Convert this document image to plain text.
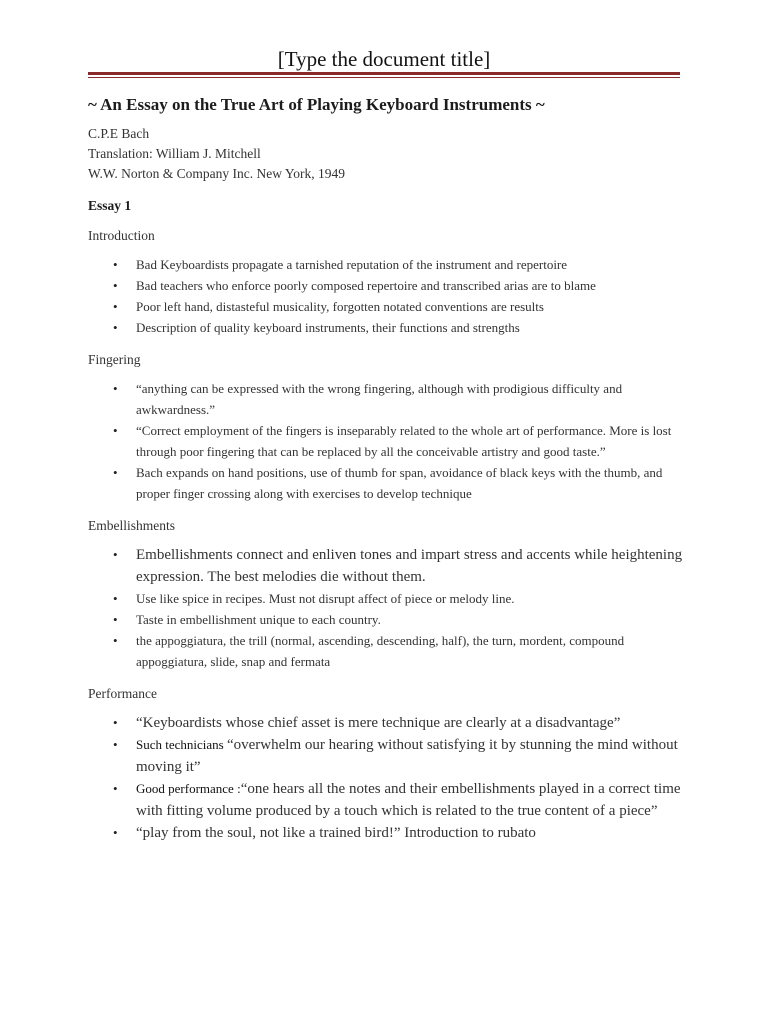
[Type the document title]
~ An Essay on the True Art of Playing Keyboard Instruments ~
C.P.E Bach
Translation: William J. Mitchell
W.W. Norton & Company Inc. New York, 1949
Essay 1
Introduction
• Bad Keyboardists propagate a tarnished reputation of the instrument and repertoire
• Bad teachers who enforce poorly composed repertoire and transcribed arias are to blame
• Poor left hand, distasteful musicality, forgotten notated conventions are results
• Description of quality keyboard instruments, their functions and strengths
Fingering
• “anything can be expressed with the wrong fingering, although with prodigious difficulty and awkwardness.”
• “Correct employment of the fingers is inseparably related to the whole art of performance. More is lost through poor fingering that can be replaced by all the conceivable artistry and good taste.”
• Bach expands on hand positions, use of thumb for span, avoidance of black keys with the thumb, and proper finger crossing along with exercises to develop technique
Embellishments
• Embellishments connect and enliven tones and impart stress and accents while heightening expression. The best melodies die without them.
• Use like spice in recipes. Must not disrupt affect of piece or melody line.
• Taste in embellishment unique to each country.
• the appoggiatura, the trill (normal, ascending, descending, half), the turn, mordent, compound appoggiatura, slide, snap and fermata
Performance
• “Keyboardists whose chief asset is mere technique are clearly at a disadvantage”
• Such technicians “overwhelm our hearing without satisfying it by stunning the mind without moving it”
• Good performance :“one hears all the notes and their embellishments played in a correct time with fitting volume produced by a touch which is related to the true content of a piece”
• “play from the soul, not like a trained bird!” Introduction to rubato
